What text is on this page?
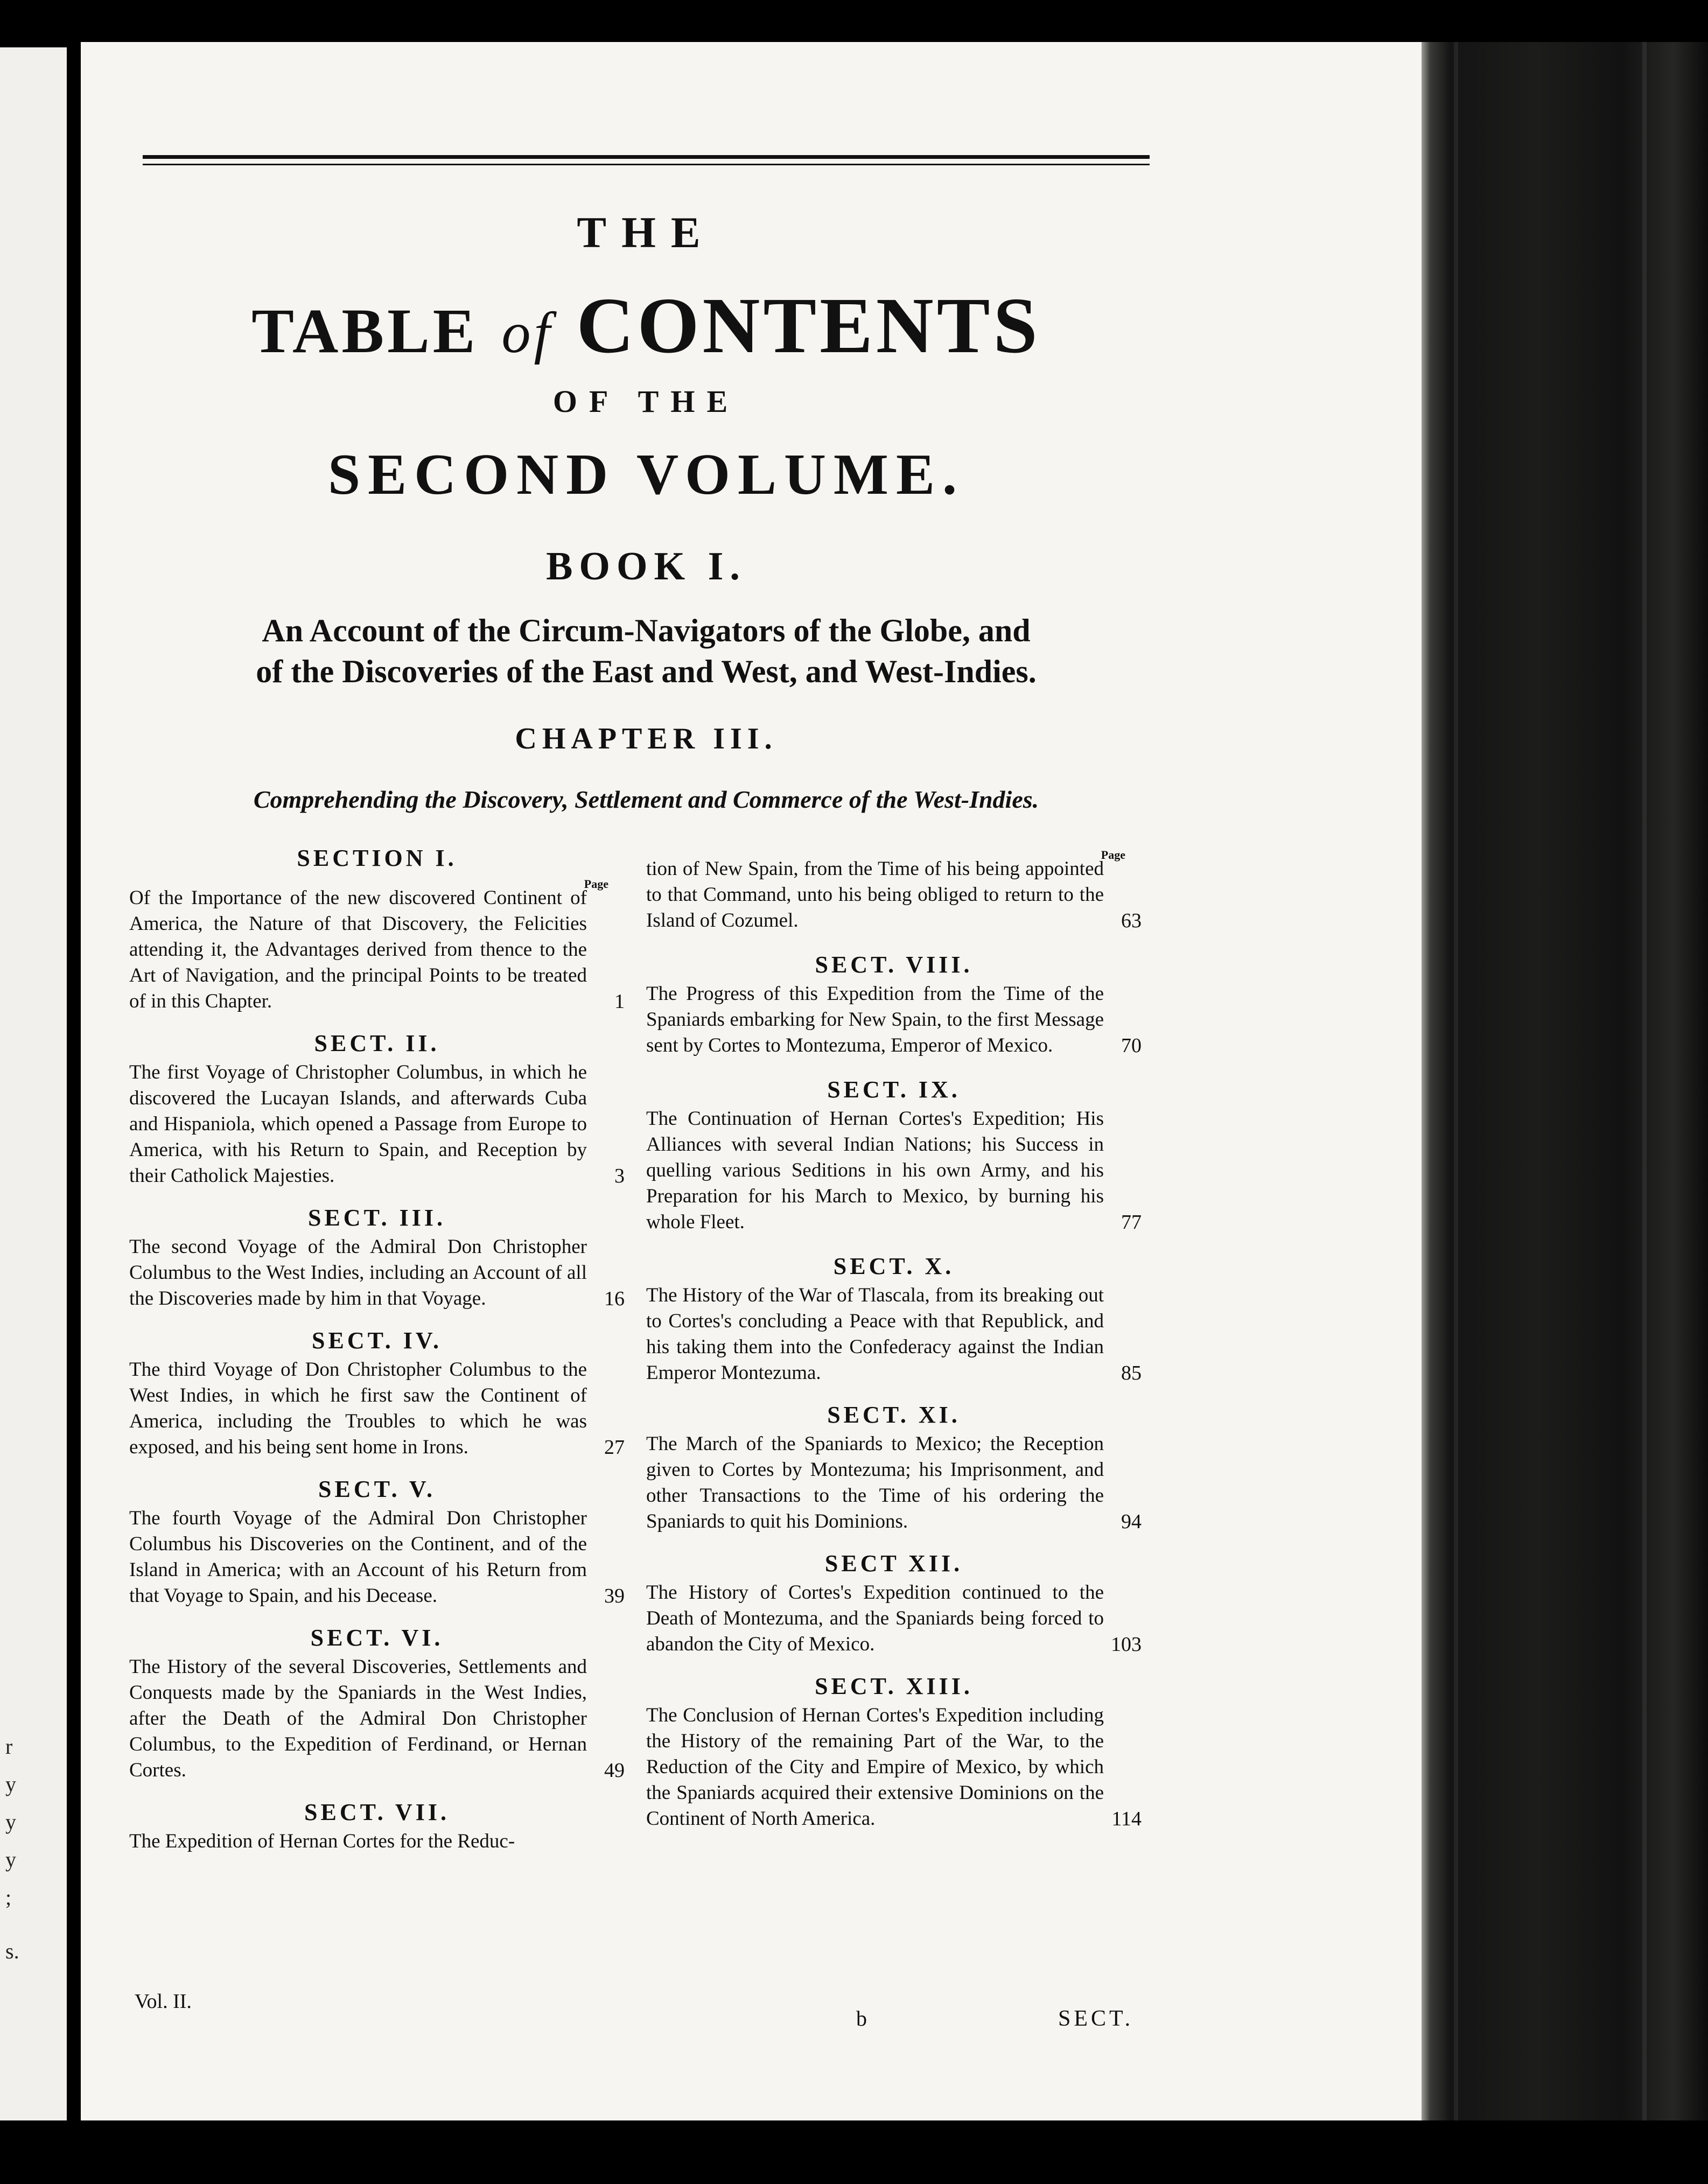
r
y
y
y
;
s.
THE
TABLE of CONTENTS
OF THE
SECOND VOLUME.
BOOK I.
An Account of the Circum-Navigators of the Globe, and
of the Discoveries of the East and West, and West-Indies.
CHAPTER III.
Comprehending the Discovery, Settlement and Commerce of the West-Indies.
SECTION I.
Page
Of the Importance of the new discovered Continent of America, the Nature of that Discovery, the Felicities attending it, the Advantages derived from thence to the Art of Navigation, and the principal Points to be treated of in this Chapter.	1
SECT. II.
The first Voyage of Christopher Columbus, in which he discovered the Lucayan Islands, and afterwards Cuba and Hispaniola, which opened a Passage from Europe to America, with his Return to Spain, and Reception by their Catholick Majesties.	3
SECT. III.
The second Voyage of the Admiral Don Christopher Columbus to the West Indies, including an Account of all the Discoveries made by him in that Voyage.	16
SECT. IV.
The third Voyage of Don Christopher Columbus to the West Indies, in which he first saw the Continent of America, including the Troubles to which he was exposed, and his being sent home in Irons.	27
SECT. V.
The fourth Voyage of the Admiral Don Christopher Columbus his Discoveries on the Continent, and of the Island in America; with an Account of his Return from that Voyage to Spain, and his Decease.	39
SECT. VI.
The History of the several Discoveries, Settlements and Conquests made by the Spaniards in the West Indies, after the Death of the Admiral Don Christopher Columbus, to the Expedition of Ferdinand, or Hernan Cortes.	49
SECT. VII.
The Expedition of Hernan Cortes for the Reduc-
Page
tion of New Spain, from the Time of his being appointed to that Command, unto his being obliged to return to the Island of Cozumel.	63
SECT. VIII.
The Progress of this Expedition from the Time of the Spaniards embarking for New Spain, to the first Message sent by Cortes to Montezuma, Emperor of Mexico.	70
SECT. IX.
The Continuation of Hernan Cortes's Expedition; His Alliances with several Indian Nations; his Success in quelling various Seditions in his own Army, and his Preparation for his March to Mexico, by burning his whole Fleet.	77
SECT. X.
The History of the War of Tlascala, from its breaking out to Cortes's concluding a Peace with that Republick, and his taking them into the Confederacy against the Indian Emperor Montezuma.	85
SECT. XI.
The March of the Spaniards to Mexico; the Reception given to Cortes by Montezuma; his Imprisonment, and other Transactions to the Time of his ordering the Spaniards to quit his Dominions.	94
SECT XII.
The History of Cortes's Expedition continued to the Death of Montezuma, and the Spaniards being forced to abandon the City of Mexico.	103
SECT. XIII.
The Conclusion of Hernan Cortes's Expedition including the History of the remaining Part of the War, to the Reduction of the City and Empire of Mexico, by which the Spaniards acquired their extensive Dominions on the Continent of North America.	114
Vol. II.
b	SECT.
